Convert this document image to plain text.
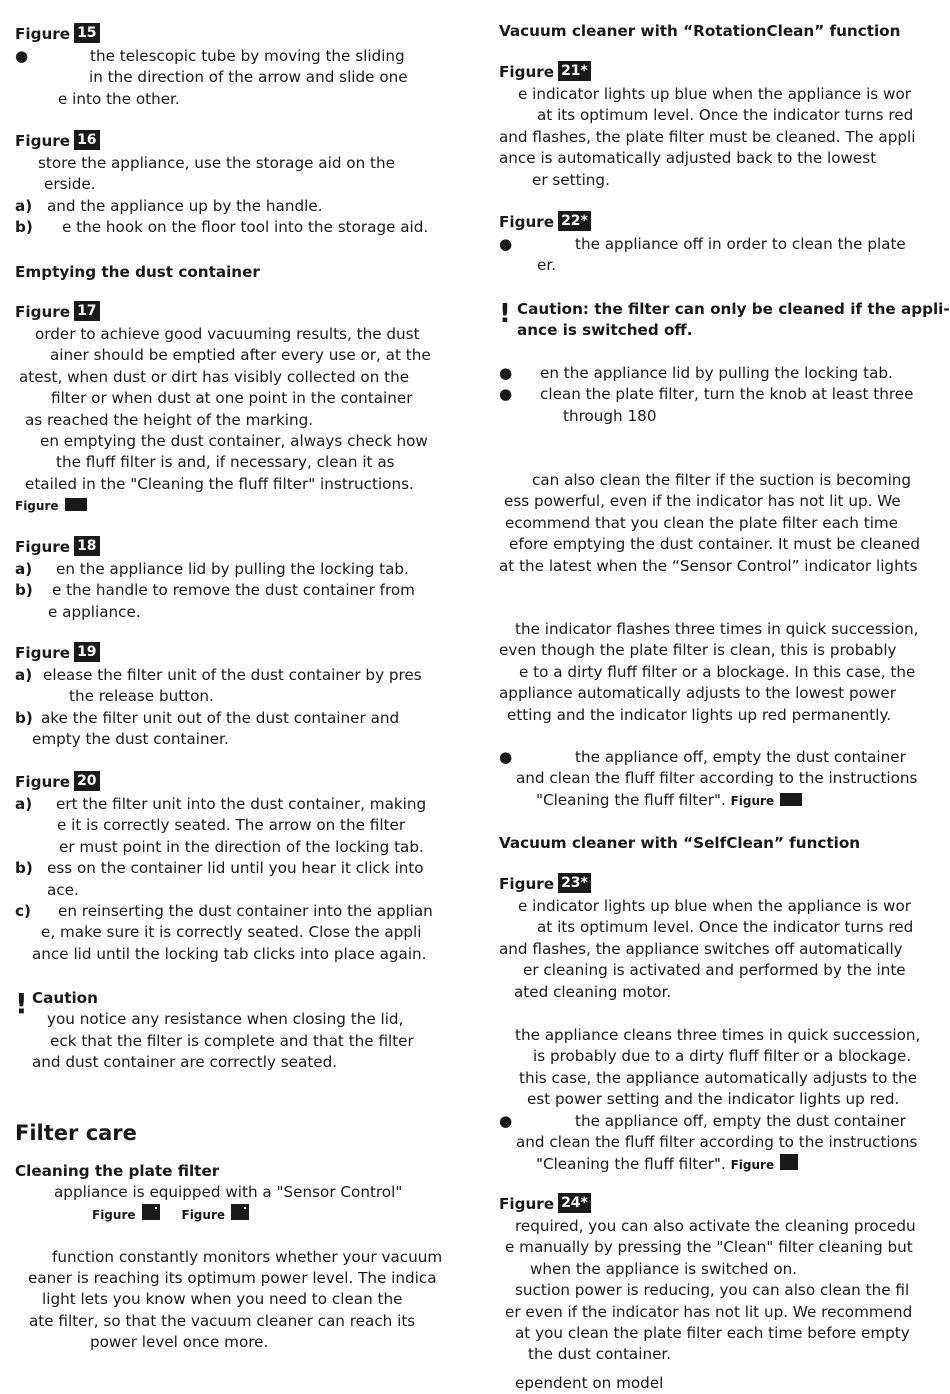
Figure 15
●	the telescopic tube by moving the sliding
in the direction of the arrow and slide one
e into the other.
Figure 16
store the appliance, use the storage aid on the
erside.
a) and the appliance up by the handle.
b) e the hook on the floor tool into the storage aid.
Emptying the dust container
Figure 17
order to achieve good vacuuming results, the dust
ainer should be emptied after every use or, at the
atest, when dust or dirt has visibly collected on the
filter or when dust at one point in the container
as reached the height of the marking.
en emptying the dust container, always check how
the fluff filter is and, if necessary, clean it as
etailed in the "Cleaning the fluff filter" instructions.
Figure
Figure 18
a) en the appliance lid by pulling the locking tab.
b) e the handle to remove the dust container from
e appliance.
Figure 19
a) elease the filter unit of the dust container by pres
the release button.
b) ake the filter unit out of the dust container and
empty the dust container.
Figure 20
a) ert the filter unit into the dust container, making
e it is correctly seated. The arrow on the filter
er must point in the direction of the locking tab.
b) ess on the container lid until you hear it click into
ace.
c) en reinserting the dust container into the applian
e, make sure it is correctly seated. Close the appli
ance lid until the locking tab clicks into place again.
! Caution
you notice any resistance when closing the lid,
eck that the filter is complete and that the filter
and dust container are correctly seated.
Filter care
Cleaning the plate filter
appliance is equipped with a "Sensor Control"
Figure	Figure
function constantly monitors whether your vacuum
eaner is reaching its optimum power level. The indica
light lets you know when you need to clean the
ate filter, so that the vacuum cleaner can reach its
power level once more.
Vacuum cleaner with “RotationClean” function
Figure 21*
e indicator lights up blue when the appliance is wor
at its optimum level. Once the indicator turns red
and flashes, the plate filter must be cleaned. The appli
ance is automatically adjusted back to the lowest
er setting.
Figure 22*
●	the appliance off in order to clean the plate
er.
! Caution: the filter can only be cleaned if the appli-
ance is switched off.
● en the appliance lid by pulling the locking tab.
● clean the plate filter, turn the knob at least three
through 180
can also clean the filter if the suction is becoming
ess powerful, even if the indicator has not lit up. We
ecommend that you clean the plate filter each time
efore emptying the dust container. It must be cleaned
at the latest when the “Sensor Control” indicator lights
the indicator flashes three times in quick succession,
even though the plate filter is clean, this is probably
e to a dirty fluff filter or a blockage. In this case, the
appliance automatically adjusts to the lowest power
etting and the indicator lights up red permanently.
●	the appliance off, empty the dust container
and clean the fluff filter according to the instructions
"Cleaning the fluff filter". Figure
Vacuum cleaner with “SelfClean” function
Figure 23*
e indicator lights up blue when the appliance is wor
at its optimum level. Once the indicator turns red
and flashes, the appliance switches off automatically
er cleaning is activated and performed by the inte
ated cleaning motor.
the appliance cleans three times in quick succession,
is probably due to a dirty fluff filter or a blockage.
this case, the appliance automatically adjusts to the
est power setting and the indicator lights up red.
●	the appliance off, empty the dust container
and clean the fluff filter according to the instructions
"Cleaning the fluff filter". Figure
Figure 24*
required, you can also activate the cleaning procedu
e manually by pressing the "Clean" filter cleaning but
when the appliance is switched on.
suction power is reducing, you can also clean the fil
er even if the indicator has not lit up. We recommend
at you clean the plate filter each time before empty
the dust container.
ependent on model
